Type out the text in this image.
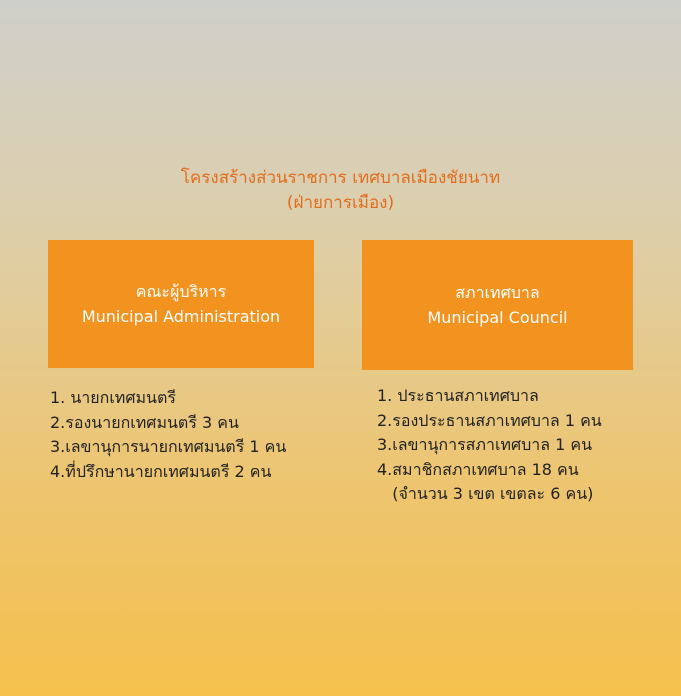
โครงสร้างส่วนราชการ เทศบาลเมืองชัยนาท
(ฝ่ายการเมือง)
คณะผู้บริหาร
Municipal Administration
สภาเทศบาล
Municipal Council
1. นายกเทศมนตรี
2.รองนายกเทศมนตรี 3 คน
3.เลขานุการนายกเทศมนตรี 1 คน
4.ที่ปรึกษานายกเทศมนตรี 2 คน
1. ประธานสภาเทศบาล
2.รองประธานสภาเทศบาล 1 คน
3.เลขานุการสภาเทศบาล 1 คน
4.สมาชิกสภาเทศบาล 18 คน
(จำนวน 3 เขต เขตละ 6 คน)
